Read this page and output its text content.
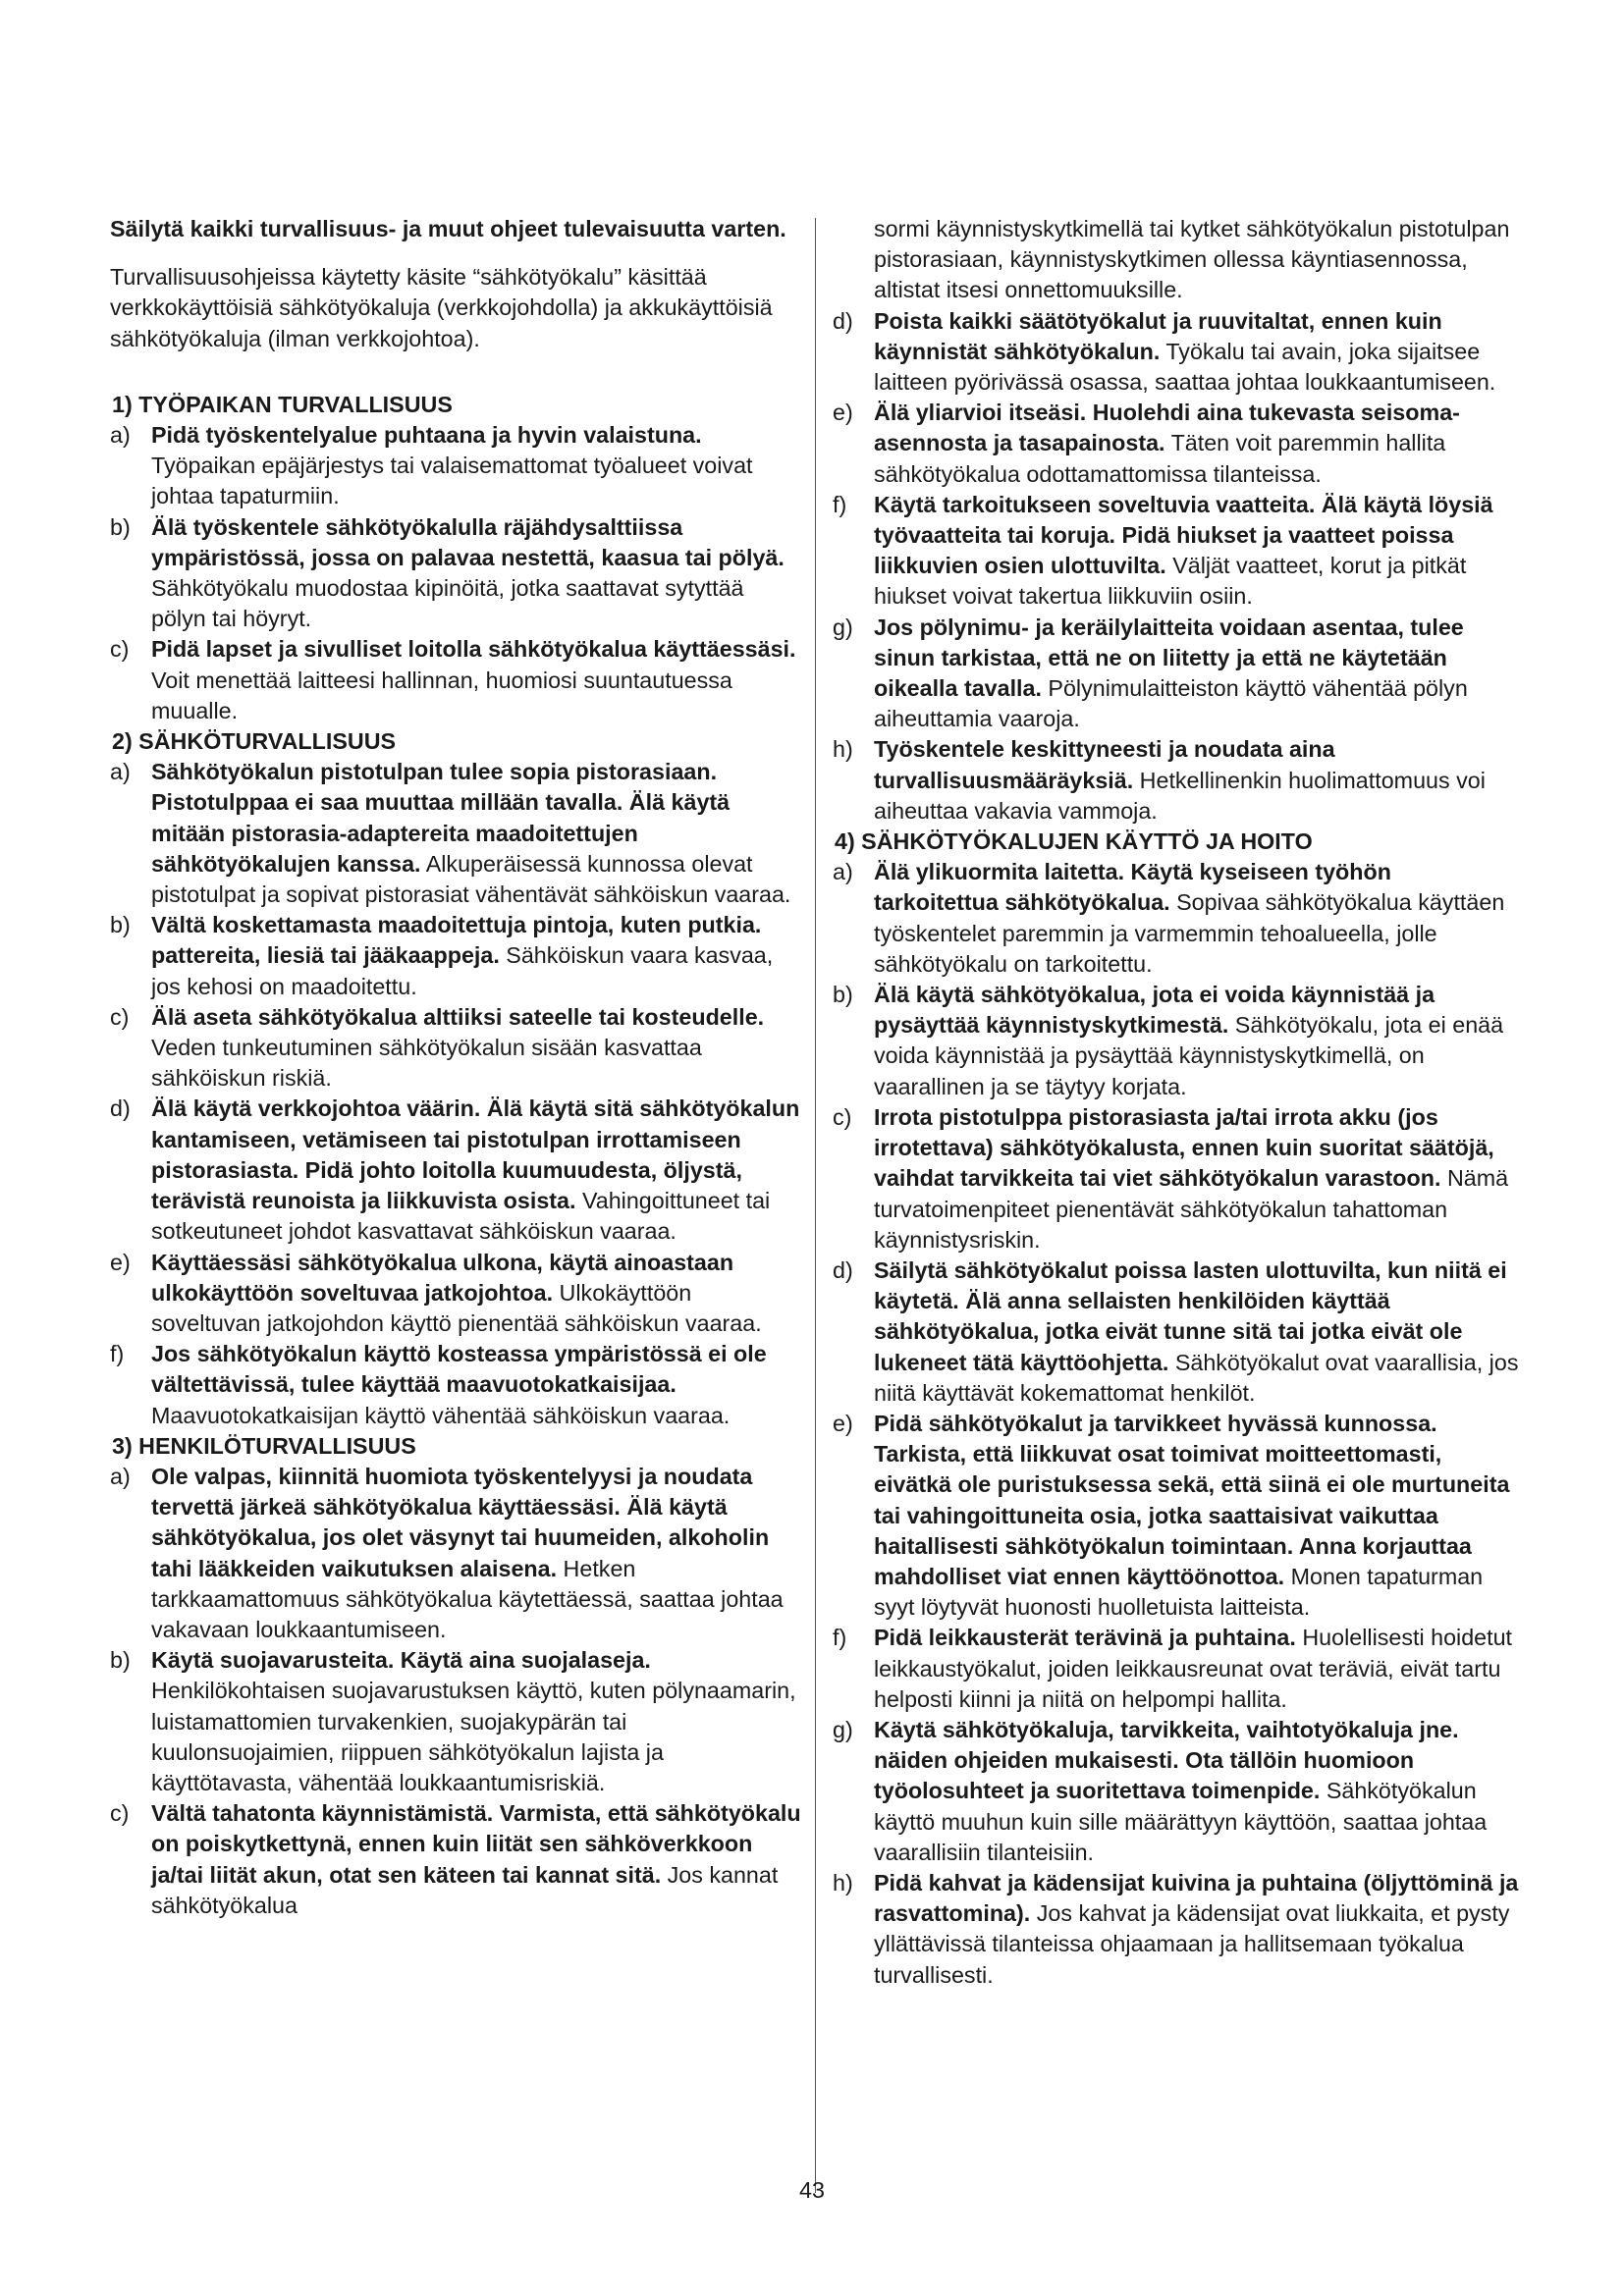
Säilytä kaikki turvallisuus- ja muut ohjeet tulevaisuutta varten.

Turvallisuusohjeissa käytetty käsite “sähkötyökalu” käsittää verkkokäyttöisiä sähkötyökaluja (verkkojohdolla) ja akkukäyttöisiä sähkötyökaluja (ilman verkkojohtoa).

1) TYÖPAIKAN TURVALLISUUS

a) Pidä työskentelyalue puhtaana ja hyvin valaistuna. Työpaikan epäjärjestys tai valaisemattomat työalueet voivat johtaa tapaturmiin.
b) Älä työskentele sähkötyökalulla räjähdysalttiissa ympäristössä, jossa on palavaa nestettä, kaasua tai pölyä. Sähkötyökalu muodostaa kipinöitä, jotka saattavat sytyttää pölyn tai höyryt.
c) Pidä lapset ja sivulliset loitolla sähkötyökalua käyttäessäsi. Voit menettää laitteesi hallinnan, huomiosi suuntautuessa muualle.

2) SÄHKÖTURVALLISUUS

a) Sähkötyökalun pistotulpan tulee sopia pistorasiaan. Pistotulppaa ei saa muuttaa millään tavalla. Älä käytä mitään pistorasia-adaptereita maadoitettujen sähkötyökalujen kanssa. Alkuperäisessä kunnossa olevat pistotulpat ja sopivat pistorasiat vähentävät sähköiskun vaaraa.
b) Vältä koskettamasta maadoitettuja pintoja, kuten putkia. pattereita, liesiä tai jääkaappeja. Sähköiskun vaara kasvaa, jos kehosi on maadoitettu.
c) Älä aseta sähkötyökalua alttiiksi sateelle tai kosteudelle. Veden tunkeutuminen sähkötyökalun sisään kasvattaa sähköiskun riskiä.
d) Älä käytä verkkojohtoa väärin. Älä käytä sitä sähkötyökalun kantamiseen, vetämiseen tai pistotulpan irrottamiseen pistorasiasta. Pidä johto loitolla kuumuudesta, öljystä, terävistä reunoista ja liikkuvista osista. Vahingoittuneet tai sotkeutuneet johdot kasvattavat sähköiskun vaaraa.
e) Käyttäessäsi sähkötyökalua ulkona, käytä ainoastaan ulkokäyttöön soveltuvaa jatkojohtoa. Ulkokäyttöön soveltuvan jatkojohdon käyttö pienentää sähköiskun vaaraa.
f) Jos sähkötyökalun käyttö kosteassa ympäristössä ei ole vältettävissä, tulee käyttää maavuotokatkaisijaa. Maavuotokatkaisijan käyttö vähentää sähköiskun vaaraa.

3) HENKILÖTURVALLISUUS

a) Ole valpas, kiinnitä huomiota työskentelyysi ja noudata tervettä järkeä sähkötyökalua käyttäessäsi. Älä käytä sähkötyökalua, jos olet väsynyt tai huumeiden, alkoholin tahi lääkkeiden vaikutuksen alaisena. Hetken tarkkaamattomuus sähkötyökalua käytettäessä, saattaa johtaa vakavaan loukkaantumiseen.
b) Käytä suojavarusteita. Käytä aina suojalaseja. Henkilökohtaisen suojavarustuksen käyttö, kuten pölynaamarin, luistamattomien turvakenkien, suojakypärän tai kuulonsuojaimien, riippuen sähkötyökalun lajista ja käyttötavasta, vähentää loukkaantumisriskiä.
c) Vältä tahatonta käynnistämistä. Varmista, että sähkötyökalu on poiskytkettynä, ennen kuin liität sen sähköverkkoon ja/tai liität akun, otat sen käteen tai kannat sitä. Jos kannat sähkötyökalua
sormi käynnistyskytkimellä tai kytket sähkötyökalun pistotulpan pistorasiaan, käynnistyskytkimen ollessa käyntiasennossa, altistat itsesi onnettomuuksille.
d) Poista kaikki säätötyökalut ja ruuvitaltat, ennen kuin käynnistät sähkötyökalun. Työkalu tai avain, joka sijaitsee laitteen pyörivässä osassa, saattaa johtaa loukkaantumiseen.
e) Älä yliarvioi itseäsi. Huolehdi aina tukevasta seisoma-asennosta ja tasapainosta. Täten voit paremmin hallita sähkötyökalua odottamattomissa tilanteissa.
f) Käytä tarkoitukseen soveltuvia vaatteita. Älä käytä löysiä työvaatteita tai koruja. Pidä hiukset ja vaatteet poissa liikkuvien osien ulottuvilta. Väljät vaatteet, korut ja pitkät hiukset voivat takertua liikkuviin osiin.
g) Jos pölynimu- ja keräilylaitteita voidaan asentaa, tulee sinun tarkistaa, että ne on liitetty ja että ne käytetään oikealla tavalla. Pölynimulaitteiston käyttö vähentää pölyn aiheuttamia vaaroja.
h) Työskentele keskittyneesti ja noudata aina turvallisuusmääräyksiä. Hetkellinenkin huolimattomuus voi aiheuttaa vakavia vammoja.

4) SÄHKÖTYÖKALUJEN KÄYTTÖ JA HOITO

a) Älä ylikuormita laitetta. Käytä kyseiseen työhön tarkoitettua sähkötyökalua. Sopivaa sähkötyökalua käyttäen työskentelet paremmin ja varmemmin tehoalueella, jolle sähkötyökalu on tarkoitettu.
b) Älä käytä sähkötyökalua, jota ei voida käynnistää ja pysäyttää käynnistyskytkimestä. Sähkötyökalu, jota ei enää voida käynnistää ja pysäyttää käynnistyskytkimellä, on vaarallinen ja se täytyy korjata.
c) Irrota pistotulppa pistorasiasta ja/tai irrota akku (jos irrotettava) sähkötyökalusta, ennen kuin suoritat säätöjä, vaihdat tarvikkeita tai viet sähkötyökalun varastoon. Nämä turvatoimenpiteet pienentävät sähkötyökalun tahattoman käynnistysriskin.
d) Säilytä sähkötyökalut poissa lasten ulottuvilta, kun niitä ei käytetä. Älä anna sellaisten henkilöiden käyttää sähkötyökalua, jotka eivät tunne sitä tai jotka eivät ole lukeneet tätä käyttöohjetta. Sähkötyökalut ovat vaarallisia, jos niitä käyttävät kokemattomat henkilöt.
e) Pidä sähkötyökalut ja tarvikkeet hyvässä kunnossa. Tarkista, että liikkuvat osat toimivat moitteettomasti, eivätkä ole puristuksessa sekä, että siinä ei ole murtuneita tai vahingoittuneita osia, jotka saattaisivat vaikuttaa haitallisesti sähkötyökalun toimintaan. Anna korjauttaa mahdolliset viat ennen käyttöönottoa. Monen tapaturman syyt löytyvät huonosti huolletuista laitteista.
f) Pidä leikkausterät terävinä ja puhtaina. Huolellisesti hoidetut leikkaustyökalut, joiden leikkausreunat ovat teräviä, eivät tartu helposti kiinni ja niitä on helpompi hallita.
g) Käytä sähkötyökaluja, tarvikkeita, vaihtotyökaluja jne. näiden ohjeiden mukaisesti. Ota tällöin huomioon työolosuhteet ja suoritettava toimenpide. Sähkötyökalun käyttö muuhun kuin sille määrättyyn käyttöön, saattaa johtaa vaarallisiin tilanteisiin.
h) Pidä kahvat ja kädensijat kuivina ja puhtaina (öljyttöminä ja rasvattomina). Jos kahvat ja kädensijat ovat liukkaita, et pysty yllättävissä tilanteissa ohjaamaan ja hallitsemaan työkalua turvallisesti.
43
